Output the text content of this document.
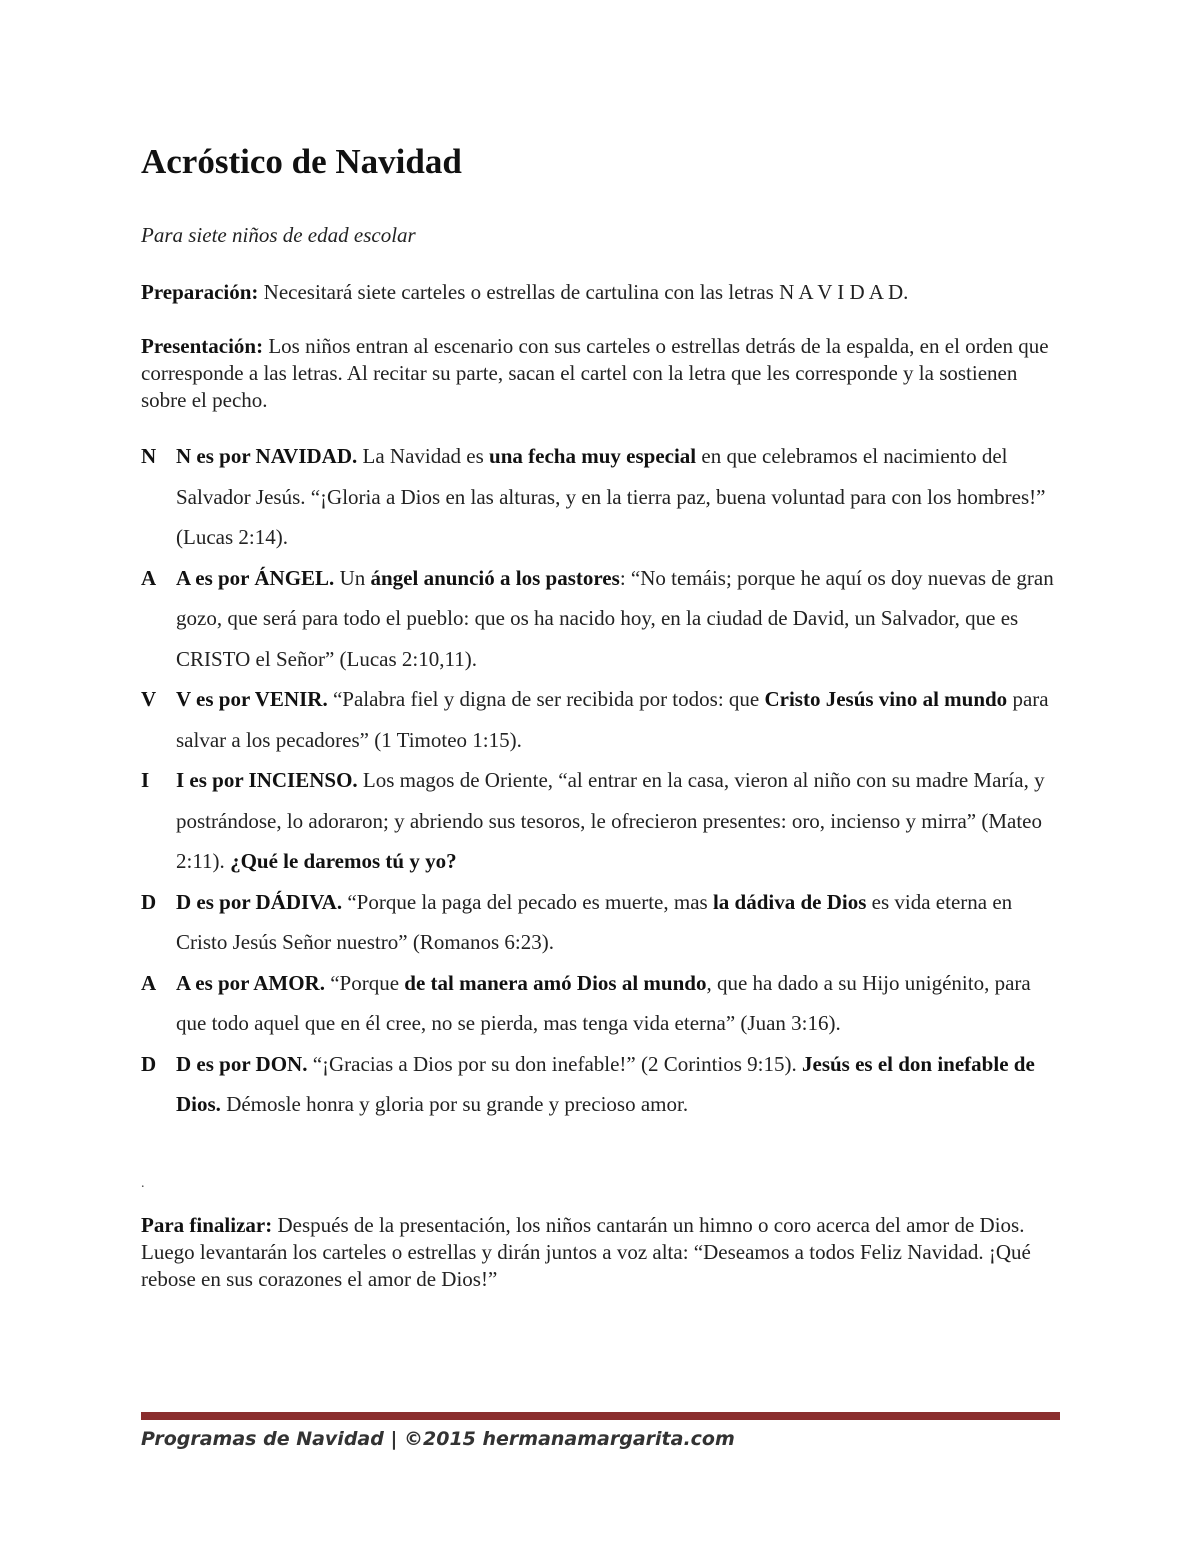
Acróstico de Navidad

Para siete niños de edad escolar

Preparación: Necesitará siete carteles o estrellas de cartulina con las letras N A V I D A D.

Presentación: Los niños entran al escenario con sus carteles o estrellas detrás de la espalda, en el orden que corresponde a las letras. Al recitar su parte, sacan el cartel con la letra que les corresponde y la sostienen sobre el pecho.

N N es por NAVIDAD. La Navidad es una fecha muy especial en que celebramos el nacimiento del Salvador Jesús. “¡Gloria a Dios en las alturas, y en la tierra paz, buena voluntad para con los hombres!” (Lucas 2:14).
A A es por ÁNGEL. Un ángel anunció a los pastores: “No temáis; porque he aquí os doy nuevas de gran gozo, que será para todo el pueblo: que os ha nacido hoy, en la ciudad de David, un Salvador, que es CRISTO el Señor” (Lucas 2:10,11).
V V es por VENIR. “Palabra fiel y digna de ser recibida por todos: que Cristo Jesús vino al mundo para salvar a los pecadores” (1 Timoteo 1:15).
I I es por INCIENSO. Los magos de Oriente, “al entrar en la casa, vieron al niño con su madre María, y postrándose, lo adoraron; y abriendo sus tesoros, le ofrecieron presentes: oro, incienso y mirra” (Mateo 2:11). ¿Qué le daremos tú y yo?
D D es por DÁDIVA. “Porque la paga del pecado es muerte, mas la dádiva de Dios es vida eterna en Cristo Jesús Señor nuestro” (Romanos 6:23).
A A es por AMOR. “Porque de tal manera amó Dios al mundo, que ha dado a su Hijo unigénito, para que todo aquel que en él cree, no se pierda, mas tenga vida eterna” (Juan 3:16).
D D es por DON. “¡Gracias a Dios por su don inefable!” (2 Corintios 9:15). Jesús es el don inefable de Dios. Démosle honra y gloria por su grande y precioso amor.
.

Para finalizar: Después de la presentación, los niños cantarán un himno o coro acerca del amor de Dios. Luego levantarán los carteles o estrellas y dirán juntos a voz alta: “Deseamos a todos Feliz Navidad. ¡Qué rebose en sus corazones el amor de Dios!”

Programas de Navidad | ©2015 hermanamargarita.com
